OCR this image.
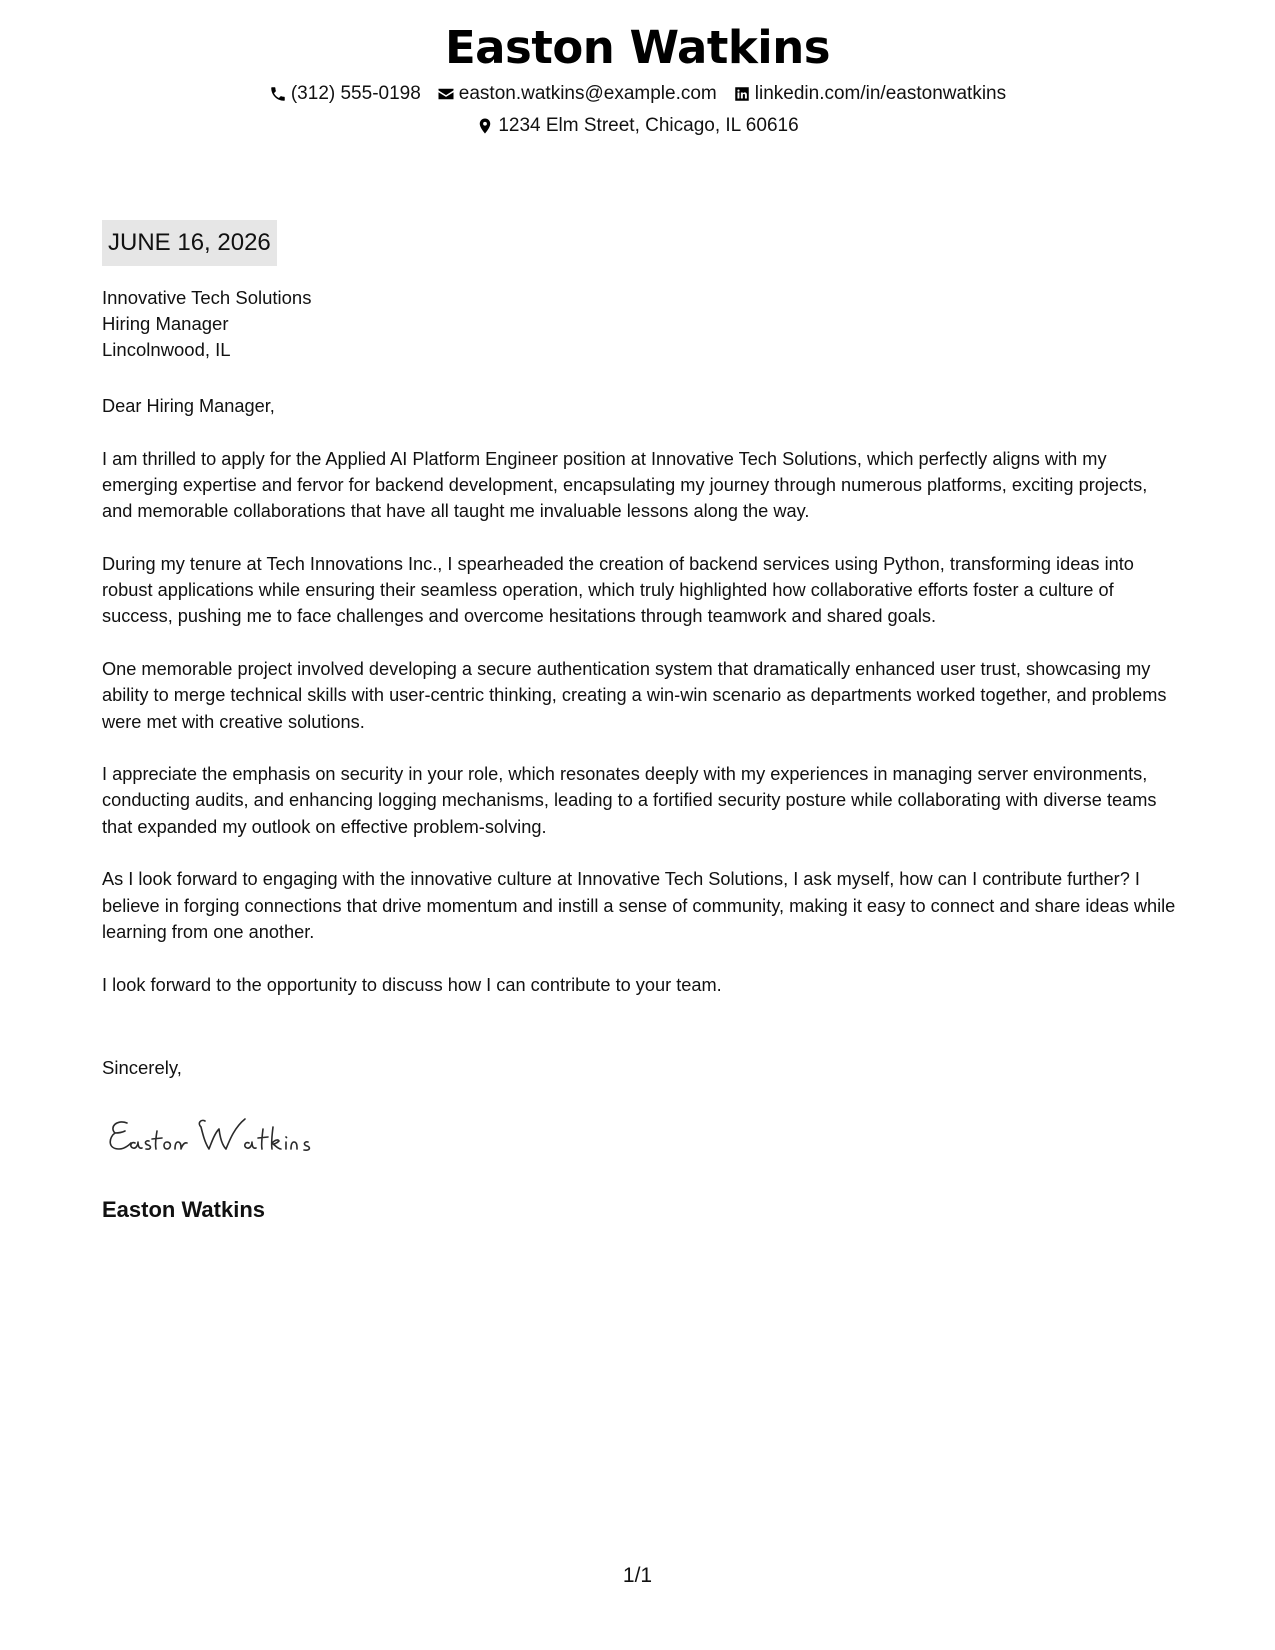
Easton Watkins
(312) 555-0198 easton.watkins@example.com linkedin.com/in/eastonwatkins
1234 Elm Street, Chicago, IL 60616
JUNE 16, 2026
Innovative Tech Solutions
Hiring Manager
Lincolnwood, IL

Dear Hiring Manager,

I am thrilled to apply for the Applied AI Platform Engineer position at Innovative Tech Solutions, which perfectly aligns with my emerging expertise and fervor for backend development, encapsulating my journey through numerous platforms, exciting projects, and memorable collaborations that have all taught me invaluable lessons along the way.

During my tenure at Tech Innovations Inc., I spearheaded the creation of backend services using Python, transforming ideas into robust applications while ensuring their seamless operation, which truly highlighted how collaborative efforts foster a culture of success, pushing me to face challenges and overcome hesitations through teamwork and shared goals.

One memorable project involved developing a secure authentication system that dramatically enhanced user trust, showcasing my ability to merge technical skills with user-centric thinking, creating a win-win scenario as departments worked together, and problems were met with creative solutions.

I appreciate the emphasis on security in your role, which resonates deeply with my experiences in managing server environments, conducting audits, and enhancing logging mechanisms, leading to a fortified security posture while collaborating with diverse teams that expanded my outlook on effective problem-solving.

As I look forward to engaging with the innovative culture at Innovative Tech Solutions, I ask myself, how can I contribute further? I believe in forging connections that drive momentum and instill a sense of community, making it easy to connect and share ideas while learning from one another.

I look forward to the opportunity to discuss how I can contribute to your team.

Sincerely,
Easton Watkins
1/1
